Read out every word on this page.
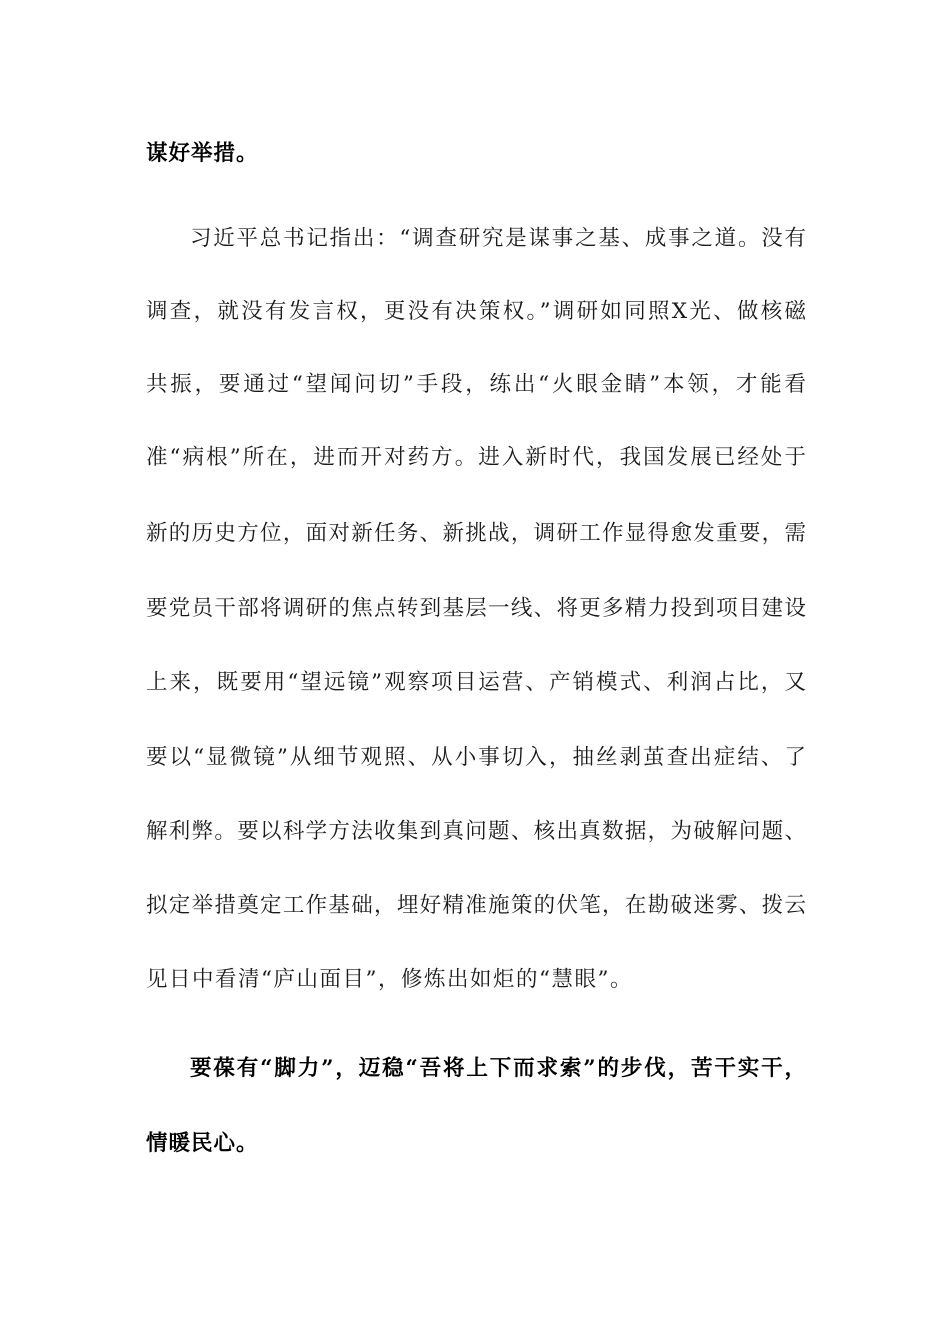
谋好举措。
习近平总书记指出：“调查研究是谋事之基、成事之道。没有
调查，就没有发言权，更没有决策权。”调研如同照X光、做核磁
共振，要通过“望闻问切”手段，练出“火眼金睛”本领，才能看
准“病根”所在，进而开对药方。进入新时代，我国发展已经处于
新的历史方位，面对新任务、新挑战，调研工作显得愈发重要，需
要党员干部将调研的焦点转到基层一线、将更多精力投到项目建设
上来，既要用“望远镜”观察项目运营、产销模式、利润占比，又
要以“显微镜”从细节观照、从小事切入，抽丝剥茧查出症结、了
解利弊。要以科学方法收集到真问题、核出真数据，为破解问题、
拟定举措奠定工作基础，埋好精准施策的伏笔，在勘破迷雾、拨云
见日中看清“庐山面目”，修炼出如炬的“慧眼”。
要葆有“脚力”，迈稳“吾将上下而求索”的步伐，苦干实干，
情暖民心。
